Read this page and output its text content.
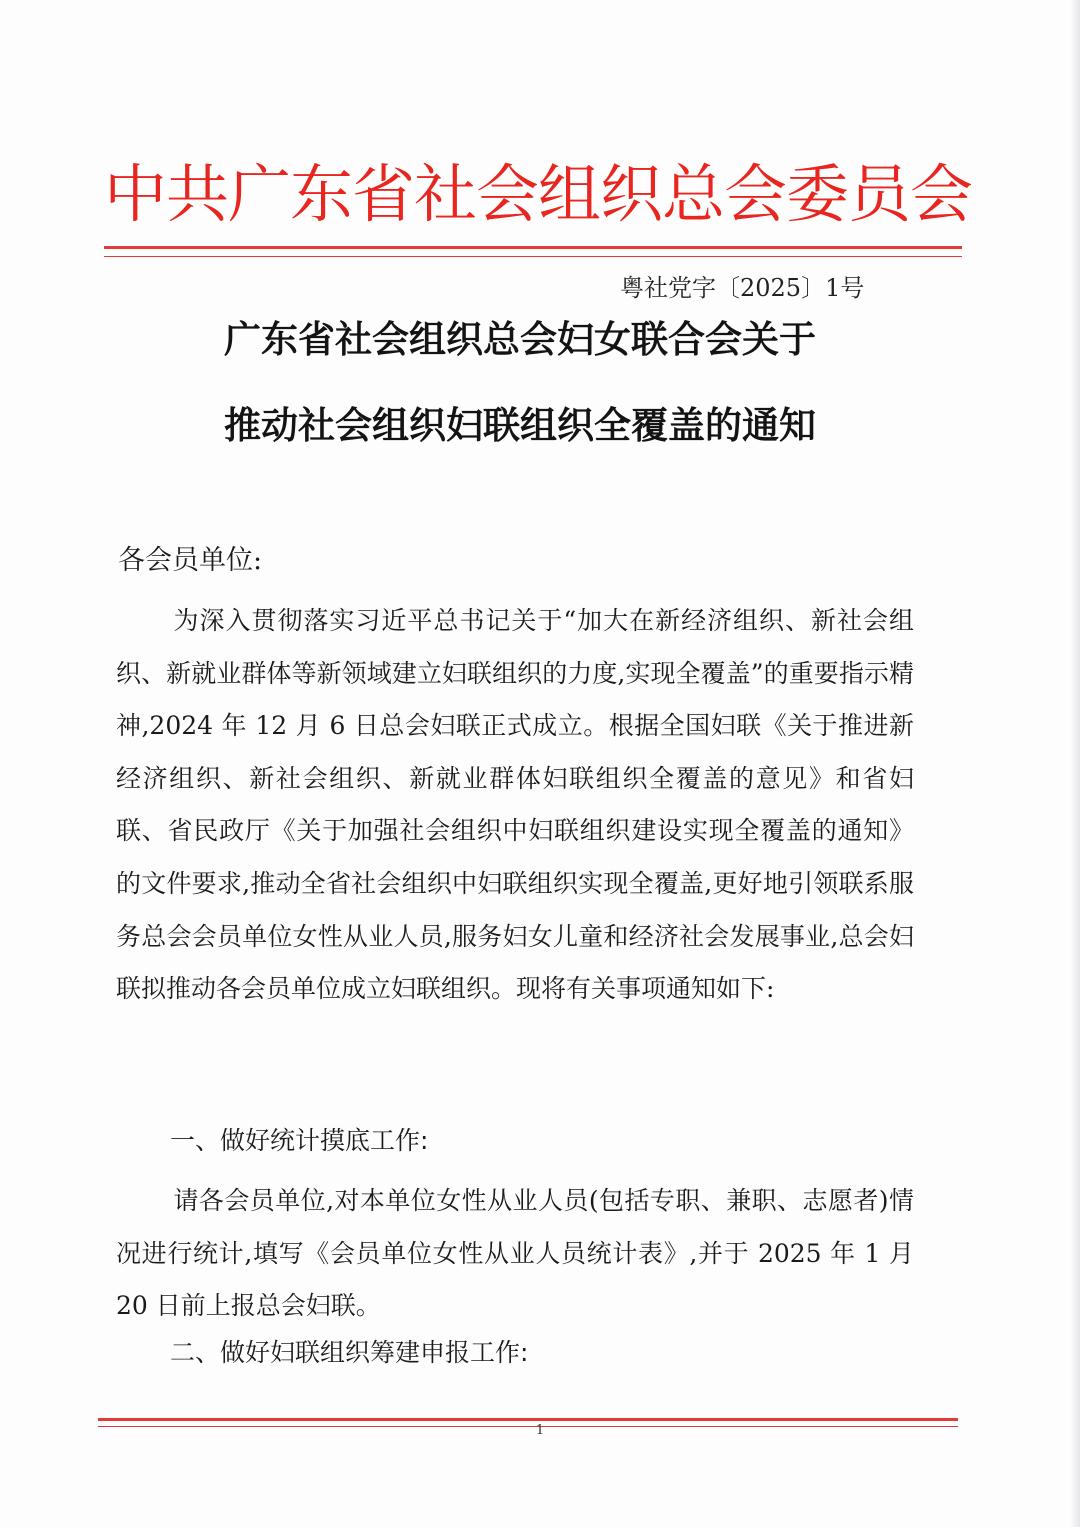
中共广东省社会组织总会委员会
粤社党字〔2025〕1号
广东省社会组织总会妇女联合会关于
推动社会组织妇联组织全覆盖的通知
各会员单位:

为深入贯彻落实习近平总书记关于“加大在新经济组织、新社会组织、新就业群体等新领域建立妇联组织的力度,实现全覆盖”的重要指示精神,2024 年 12 月 6 日总会妇联正式成立。根据全国妇联《关于推进新经济组织、新社会组织、新就业群体妇联组织全覆盖的意见》和省妇联、省民政厅《关于加强社会组织中妇联组织建设实现全覆盖的通知》的文件要求,推动全省社会组织中妇联组织实现全覆盖,更好地引领联系服务总会会员单位女性从业人员,服务妇女儿童和经济社会发展事业,总会妇联拟推动各会员单位成立妇联组织。现将有关事项通知如下:

一、做好统计摸底工作:

请各会员单位,对本单位女性从业人员(包括专职、兼职、志愿者)情况进行统计,填写《会员单位女性从业人员统计表》,并于 2025 年 1 月 20 日前上报总会妇联。

二、做好妇联组织筹建申报工作:
1
